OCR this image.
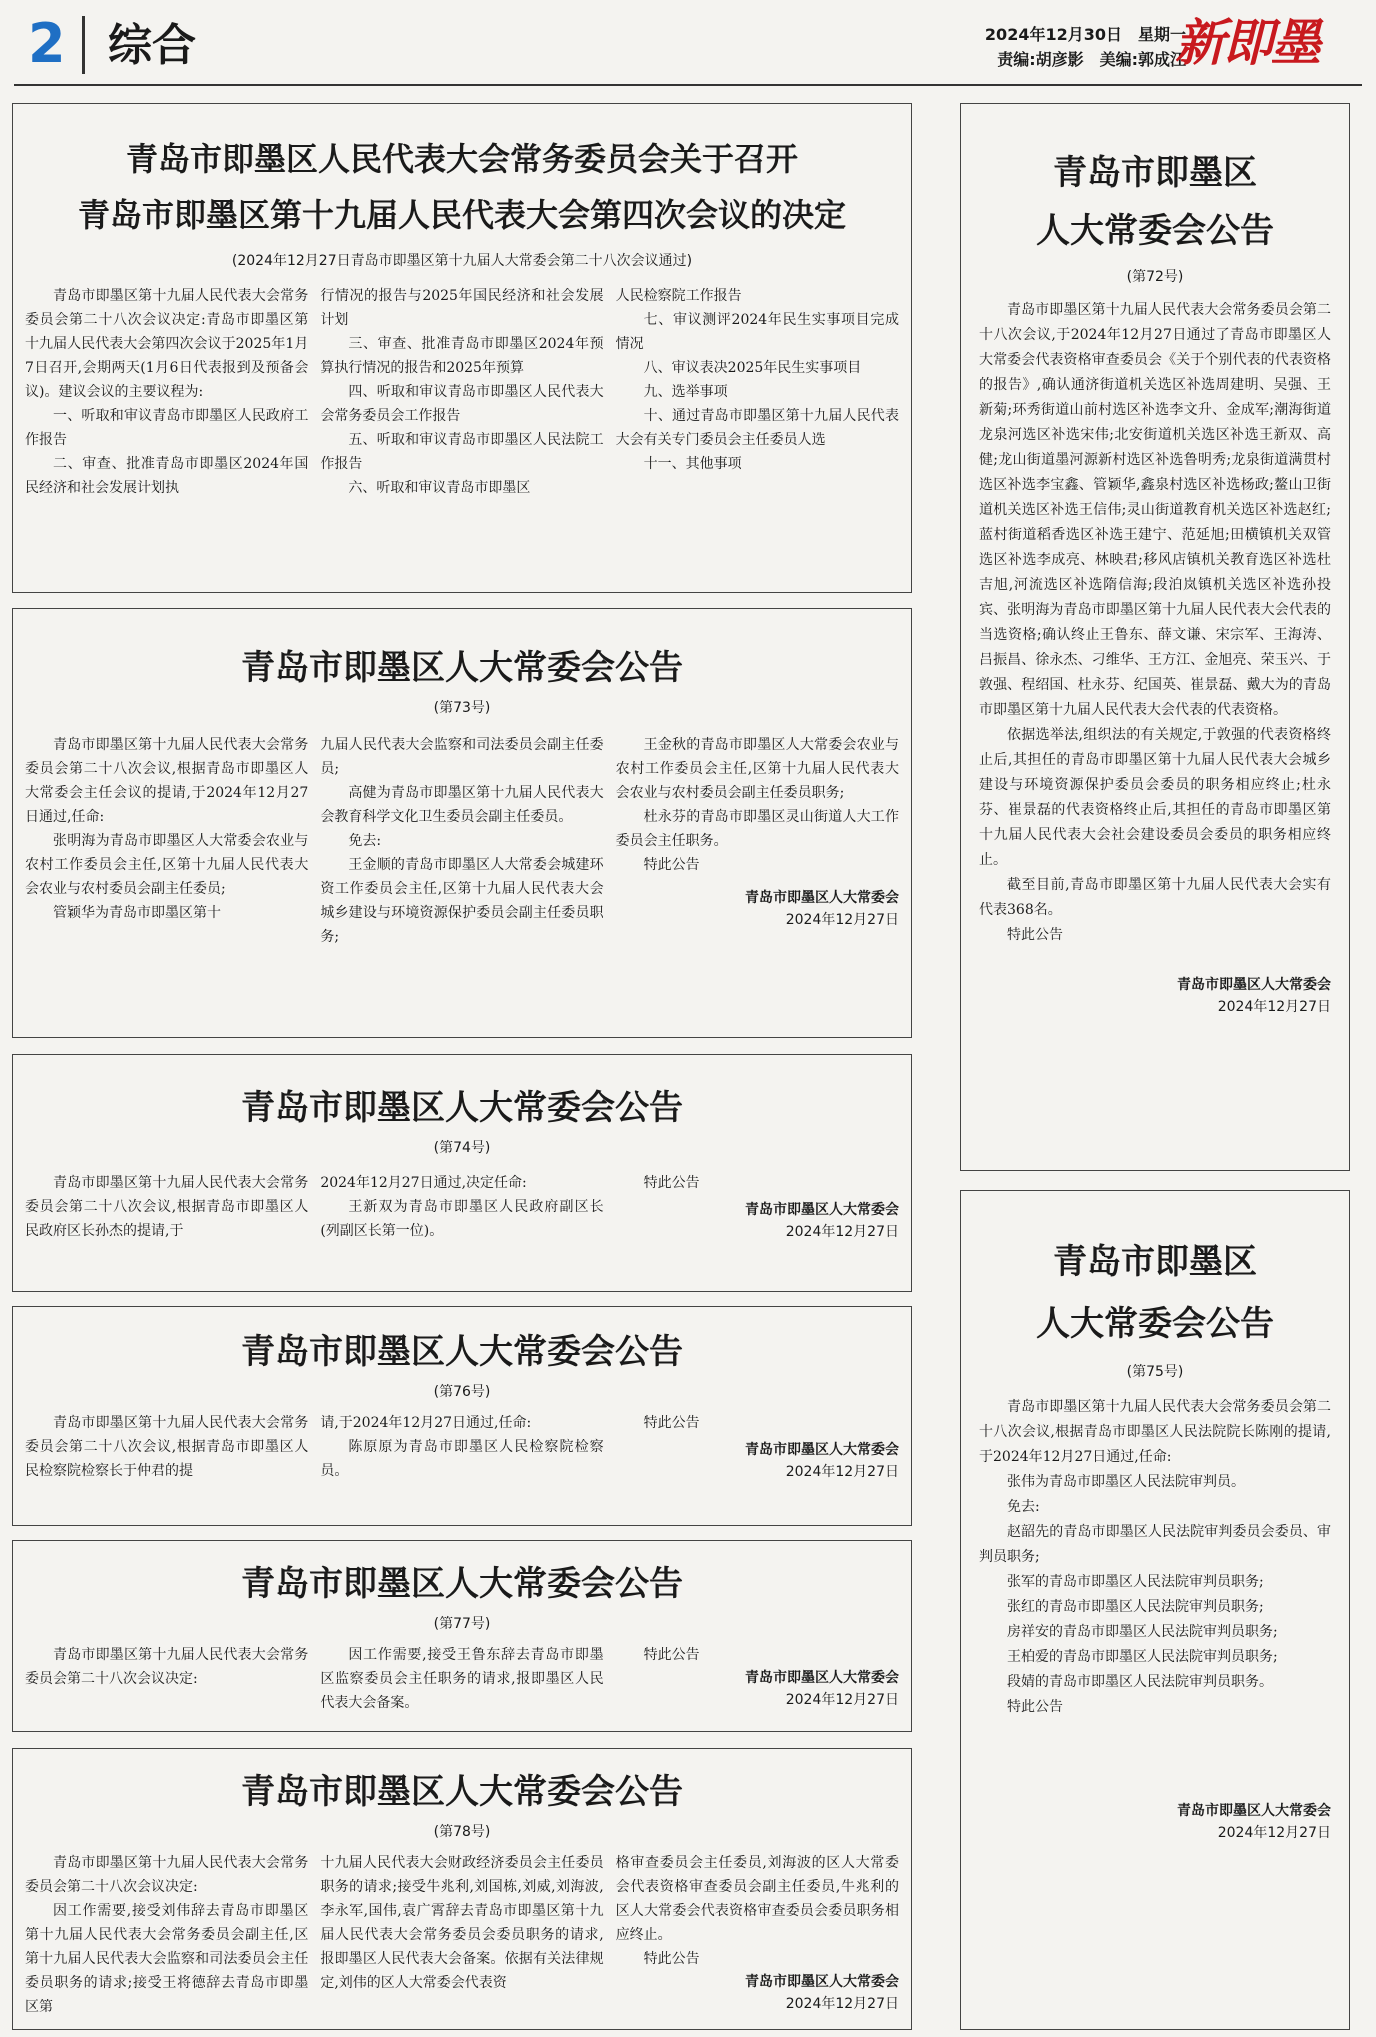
2 综合	2024年12月30日　星期一
责编:胡彦影　美编:郭成江
新即墨
青岛市即墨区人民代表大会常务委员会关于召开
青岛市即墨区第十九届人民代表大会第四次会议的决定
(2024年12月27日青岛市即墨区第十九届人大常委会第二十八次会议通过)

青岛市即墨区第十九届人民代表大会常务委员会第二十八次会议决定:青岛市即墨区第十九届人民代表大会第四次会议于2025年1月7日召开,会期两天(1月6日代表报到及预备会议)。建议会议的主要议程为:

一、听取和审议青岛市即墨区人民政府工作报告

二、审查、批准青岛市即墨区2024年国民经济和社会发展计划执

行情况的报告与2025年国民经济和社会发展计划

三、审查、批准青岛市即墨区2024年预算执行情况的报告和2025年预算

四、听取和审议青岛市即墨区人民代表大会常务委员会工作报告

五、听取和审议青岛市即墨区人民法院工作报告

六、听取和审议青岛市即墨区

人民检察院工作报告

七、审议测评2024年民生实事项目完成情况

八、审议表决2025年民生实事项目

九、选举事项

十、通过青岛市即墨区第十九届人民代表大会有关专门委员会主任委员人选

十一、其他事项

青岛市即墨区人大常委会公告
(第73号)

青岛市即墨区第十九届人民代表大会常务委员会第二十八次会议,根据青岛市即墨区人大常委会主任会议的提请,于2024年12月27日通过,任命:

张明海为青岛市即墨区人大常委会农业与农村工作委员会主任,区第十九届人民代表大会农业与农村委员会副主任委员;

管颖华为青岛市即墨区第十

九届人民代表大会监察和司法委员会副主任委员;

高健为青岛市即墨区第十九届人民代表大会教育科学文化卫生委员会副主任委员。

免去:

王金顺的青岛市即墨区人大常委会城建环资工作委员会主任,区第十九届人民代表大会城乡建设与环境资源保护委员会副主任委员职务;

王金秋的青岛市即墨区人大常委会农业与农村工作委员会主任,区第十九届人民代表大会农业与农村委员会副主任委员职务;

杜永芬的青岛市即墨区灵山街道人大工作委员会主任职务。

特此公告

青岛市即墨区人大常委会
2024年12月27日
青岛市即墨区人大常委会公告
(第74号)

青岛市即墨区第十九届人民代表大会常务委员会第二十八次会议,根据青岛市即墨区人民政府区长孙杰的提请,于

2024年12月27日通过,决定任命:

王新双为青岛市即墨区人民政府副区长(列副区长第一位)。

特此公告

青岛市即墨区人大常委会
2024年12月27日
青岛市即墨区人大常委会公告
(第76号)

青岛市即墨区第十九届人民代表大会常务委员会第二十八次会议,根据青岛市即墨区人民检察院检察长于仲君的提

请,于2024年12月27日通过,任命:

陈原原为青岛市即墨区人民检察院检察员。

特此公告

青岛市即墨区人大常委会
2024年12月27日
青岛市即墨区人大常委会公告
(第77号)

青岛市即墨区第十九届人民代表大会常务委员会第二十八次会议决定:

因工作需要,接受王鲁东辞去青岛市即墨区监察委员会主任职务的请求,报即墨区人民代表大会备案。

特此公告

青岛市即墨区人大常委会
2024年12月27日
青岛市即墨区人大常委会公告
(第78号)

青岛市即墨区第十九届人民代表大会常务委员会第二十八次会议决定:

因工作需要,接受刘伟辞去青岛市即墨区第十九届人民代表大会常务委员会副主任,区第十九届人民代表大会监察和司法委员会主任委员职务的请求;接受王将德辞去青岛市即墨区第

十九届人民代表大会财政经济委员会主任委员职务的请求;接受牛兆利,刘国栋,刘威,刘海波,李永军,国伟,袁广霄辞去青岛市即墨区第十九届人民代表大会常务委员会委员职务的请求,报即墨区人民代表大会备案。依据有关法律规定,刘伟的区人大常委会代表资

格审查委员会主任委员,刘海波的区人大常委会代表资格审查委员会副主任委员,牛兆利的区人大常委会代表资格审查委员会委员职务相应终止。

特此公告

青岛市即墨区人大常委会
2024年12月27日
青岛市即墨区
人大常委会公告
(第72号)

青岛市即墨区第十九届人民代表大会常务委员会第二十八次会议,于2024年12月27日通过了青岛市即墨区人大常委会代表资格审查委员会《关于个别代表的代表资格的报告》,确认通济街道机关选区补选周建明、吴强、王新菊;环秀街道山前村选区补选李文升、金成军;潮海街道龙泉河选区补选宋伟;北安街道机关选区补选王新双、高健;龙山街道墨河源新村选区补选鲁明秀;龙泉街道满贯村选区补选李宝鑫、管颖华,鑫泉村选区补选杨政;鳌山卫街道机关选区补选王信伟;灵山街道教育机关选区补选赵红;蓝村街道稻香选区补选王建宁、范延旭;田横镇机关双管选区补选李成亮、林映君;移风店镇机关教育选区补选杜吉旭,河流选区补选隋信海;段泊岚镇机关选区补选孙投宾、张明海为青岛市即墨区第十九届人民代表大会代表的当选资格;确认终止王鲁东、薛文谦、宋宗军、王海涛、吕振昌、徐永杰、刁维华、王方江、金旭亮、荣玉兴、于敦强、程绍国、杜永芬、纪国英、崔景磊、戴大为的青岛市即墨区第十九届人民代表大会代表的代表资格。

依据选举法,组织法的有关规定,于敦强的代表资格终止后,其担任的青岛市即墨区第十九届人民代表大会城乡建设与环境资源保护委员会委员的职务相应终止;杜永芬、崔景磊的代表资格终止后,其担任的青岛市即墨区第十九届人民代表大会社会建设委员会委员的职务相应终止。

截至目前,青岛市即墨区第十九届人民代表大会实有代表368名。

特此公告

青岛市即墨区人大常委会
2024年12月27日
青岛市即墨区
人大常委会公告
(第75号)

青岛市即墨区第十九届人民代表大会常务委员会第二十八次会议,根据青岛市即墨区人民法院院长陈刚的提请,于2024年12月27日通过,任命:

张伟为青岛市即墨区人民法院审判员。

免去:

赵韶先的青岛市即墨区人民法院审判委员会委员、审判员职务;

张军的青岛市即墨区人民法院审判员职务;

张红的青岛市即墨区人民法院审判员职务;

房祥安的青岛市即墨区人民法院审判员职务;

王柏爱的青岛市即墨区人民法院审判员职务;

段婧的青岛市即墨区人民法院审判员职务。

特此公告

青岛市即墨区人大常委会
2024年12月27日
